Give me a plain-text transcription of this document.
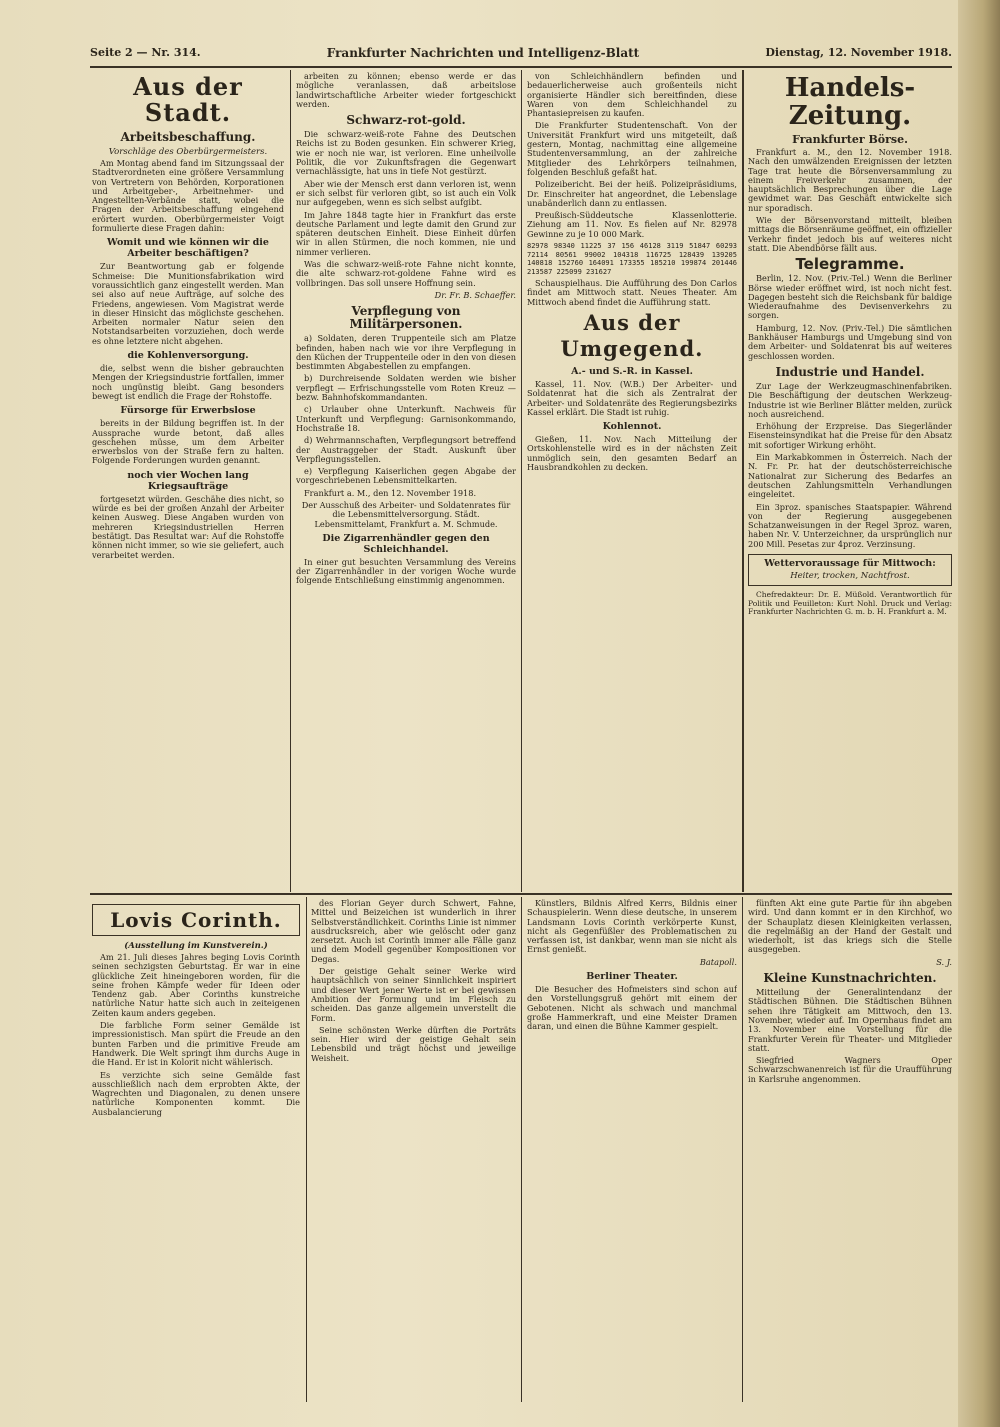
Seite 2 — Nr. 314.	Frankfurter Nachrichten und Intelligenz-Blatt	Dienstag, 12. November 1918.
Aus der Stadt.
Arbeitsbeschaffung.
Vorschläge des Oberbürgermeisters.

Am Montag abend fand im Sitzungssaal der Stadtverordneten eine größere Versammlung von Vertretern von Behörden, Korporationen und Arbeitgeber-, Arbeitnehmer- und Angestellten-Verbände statt, wobei die Fragen der Arbeitsbeschaffung eingehend erörtert wurden. Oberbürgermeister Voigt formulierte diese Fragen dahin:

Womit und wie können wir die Arbeiter beschäftigen?

Zur Beantwortung gab er folgende Schmeise: Die Munitionsfabrikation wird voraussichtlich ganz eingestellt werden. Man sei also auf neue Aufträge, auf solche des Friedens, angewiesen. Vom Magistrat werde in dieser Hinsicht das möglichste geschehen. Arbeiten normaler Natur seien den Notstandsarbeiten vorzuziehen, doch werde es ohne letztere nicht abgehen.

die Kohlenversorgung.

die, selbst wenn die bisher gebrauchten Mengen der Kriegsindustrie fortfallen, immer noch ungünstig bleibt. Gang besonders bewegt ist endlich die Frage der Rohstoffe.

Fürsorge für Erwerbslose

bereits in der Bildung begriffen ist. In der Aussprache wurde betont, daß alles geschehen müsse, um dem Arbeiter erwerbslos von der Straße fern zu halten. Folgende Forderungen wurden genannt.

noch vier Wochen lang Kriegsaufträge

fortgesetzt würden. Geschähe dies nicht, so würde es bei der großen Anzahl der Arbeiter keinen Ausweg. Diese Angaben wurden von mehreren Kriegsindustriellen Herren bestätigt. Das Resultat war: Auf die Rohstoffe können nicht immer, so wie sie geliefert, auch verarbeitet werden.

arbeiten zu können; ebenso werde er das mögliche veranlassen, daß arbeitslose landwirtschaftliche Arbeiter wieder fortgeschickt werden.

Schwarz-rot-gold.

Die schwarz-weiß-rote Fahne des Deutschen Reichs ist zu Boden gesunken. Ein schwerer Krieg, wie er noch nie war, ist verloren. Eine unheilvolle Politik, die vor Zukunftsfragen die Gegenwart vernachlässigte, hat uns in tiefe Not gestürzt.

Aber wie der Mensch erst dann verloren ist, wenn er sich selbst für verloren gibt, so ist auch ein Volk nur aufgegeben, wenn es sich selbst aufgibt.

Im Jahre 1848 tagte hier in Frankfurt das erste deutsche Parlament und legte damit den Grund zur späteren deutschen Einheit. Diese Einheit dürfen wir in allen Stürmen, die noch kommen, nie und nimmer verlieren.

Was die schwarz-weiß-rote Fahne nicht konnte, die alte schwarz-rot-goldene Fahne wird es vollbringen. Das soll unsere Hoffnung sein.

Dr. Fr. B. Schaeffer.
Verpflegung von Militärpersonen.

a) Soldaten, deren Truppenteile sich am Platze befinden, haben nach wie vor ihre Verpflegung in den Küchen der Truppenteile oder in den von diesen bestimmten Abgabestellen zu empfangen.

b) Durchreisende Soldaten werden wie bisher verpflegt — Erfrischungsstelle vom Roten Kreuz — bezw. Bahnhofskommandanten.

c) Urlauber ohne Unterkunft. Nachweis für Unterkunft und Verpflegung: Garnisonkommando, Hochstraße 18.

d) Wehrmannschaften, Verpflegungsort betreffend der Austraggeber der Stadt. Auskunft über Verpflegungsstellen.

e) Verpflegung Kaiserlichen gegen Abgabe der vorgeschriebenen Lebensmittelkarten.

Frankfurt a. M., den 12. November 1918.

Der Ausschuß des Arbeiter- und Soldatenrates für die Lebensmittelversorgung. Städt. Lebensmittelamt, Frankfurt a. M. Schmude.

Die Zigarrenhändler gegen den Schleichhandel.

In einer gut besuchten Versammlung des Vereins der Zigarrenhändler in der vorigen Woche wurde folgende Entschließung einstimmig angenommen.

von Schleichhändlern befinden und bedauerlicherweise auch großenteils nicht organisierte Händler sich bereitfinden, diese Waren von dem Schleichhandel zu Phantasiepreisen zu kaufen.

Die Frankfurter Studentenschaft. Von der Universität Frankfurt wird uns mitgeteilt, daß gestern, Montag, nachmittag eine allgemeine Studentenversammlung, an der zahlreiche Mitglieder des Lehrkörpers teilnahmen, folgenden Beschluß gefaßt hat.

Polizeibericht. Bei der heiß. Polizeipräsidiums, Dr. Einschreiter hat angeordnet, die Lebenslage unabänderlich dann zu entlassen.

Preußisch-Süddeutsche Klassenlotterie. Ziehung am 11. Nov. Es fielen auf Nr. 82978 Gewinne zu je 10 000 Mark.

82978 98340 11225 37 156 46128 3119 51847 60293 72114 80561 99002 104318 116725 128439 139205 140818 152760 164091 173355 185210 199874 201446 213587 225099 231627

Schauspielhaus. Die Aufführung des Don Carlos findet am Mittwoch statt. Neues Theater. Am Mittwoch abend findet die Aufführung statt.

Aus der Umgegend.
A.- und S.-R. in Kassel.

Kassel, 11. Nov. (W.B.) Der Arbeiter- und Soldatenrat hat die sich als Zentralrat der Arbeiter- und Soldatenräte des Regierungsbezirks Kassel erklärt. Die Stadt ist ruhig.

Kohlennot.

Gießen, 11. Nov. Nach Mitteilung der Ortskohlenstelle wird es in der nächsten Zeit unmöglich sein, den gesamten Bedarf an Hausbrandkohlen zu decken.

Handels-Zeitung.
Frankfurter Börse.

Frankfurt a. M., den 12. November 1918. Nach den umwälzenden Ereignissen der letzten Tage trat heute die Börsenversammlung zu einem Freiverkehr zusammen, der hauptsächlich Besprechungen über die Lage gewidmet war. Das Geschäft entwickelte sich nur sporadisch.

Wie der Börsenvorstand mitteilt, bleiben mittags die Börsenräume geöffnet, ein offizieller Verkehr findet jedoch bis auf weiteres nicht statt. Die Abendbörse fällt aus.

Telegramme.

Berlin, 12. Nov. (Priv.-Tel.) Wenn die Berliner Börse wieder eröffnet wird, ist noch nicht fest. Dagegen besteht sich die Reichsbank für baldige Wiederaufnahme des Devisenverkehrs zu sorgen.

Hamburg, 12. Nov. (Priv.-Tel.) Die sämtlichen Bankhäuser Hamburgs und Umgebung sind von dem Arbeiter- und Soldatenrat bis auf weiteres geschlossen worden.

Industrie und Handel.

Zur Lage der Werkzeugmaschinenfabriken. Die Beschäftigung der deutschen Werkzeug-Industrie ist wie Berliner Blätter melden, zurück noch ausreichend.

Erhöhung der Erzpreise. Das Siegerländer Eisensteinsyndikat hat die Preise für den Absatz mit sofortiger Wirkung erhöht.

Ein Markabkommen in Österreich. Nach der N. Fr. Pr. hat der deutschösterreichische Nationalrat zur Sicherung des Bedarfes an deutschen Zahlungsmitteln Verhandlungen eingeleitet.

Ein 3proz. spanisches Staatspapier. Während von der Regierung ausgegebenen Schatzanweisungen in der Regel 3proz. waren, haben Nr. V. Unterzeichner, da ursprünglich nur 200 Mill. Pesetas zur 4proz. Verzinsung.

Wettervoraussage für Mittwoch:
Heiter, trocken, Nachtfrost.

Chefredakteur: Dr. E. Müßold. Verantwortlich für Politik und Feuilleton: Kurt Nohl. Druck und Verlag: Frankfurter Nachrichten G. m. b. H. Frankfurt a. M.

Lovis Corinth.
(Ausstellung im Kunstverein.)

Am 21. Juli dieses Jahres beging Lovis Corinth seinen sechzigsten Geburtstag. Er war in eine glückliche Zeit hineingeboren worden, für die seine frohen Kämpfe weder für Ideen oder Tendenz gab. Aber Corinths kunstreiche natürliche Natur hatte sich auch in zeiteigenen Zeiten kaum anders gegeben.

Die farbliche Form seiner Gemälde ist impressionistisch. Man spürt die Freude an den bunten Farben und die primitive Freude am Handwerk. Die Welt springt ihm durchs Auge in die Hand. Er ist in Kolorit nicht wählerisch.

Es verzichte sich seine Gemälde fast ausschließlich nach dem erprobten Akte, der Wagrechten und Diagonalen, zu denen unsere natürliche Komponenten kommt. Die Ausbalancierung

des Florian Geyer durch Schwert, Fahne, Mittel und Beizeichen ist wunderlich in ihrer Selbstverständlichkeit. Corinths Linie ist nimmer ausdrucksreich, aber wie gelöscht oder ganz zersetzt. Auch ist Corinth immer alle Fälle ganz und dem Modell gegenüber Kompositionen vor Degas.

Der geistige Gehalt seiner Werke wird hauptsächlich von seiner Sinnlichkeit inspiriert und dieser Wert jener Werte ist er bei gewissen Ambition der Formung und im Fleisch zu scheiden. Das ganze allgemein unverstellt die Form.

Seine schönsten Werke dürften die Porträts sein. Hier wird der geistige Gehalt sein Lebensbild und trägt höchst und jeweilige Weisheit.

Künstlers, Bildnis Alfred Kerrs, Bildnis einer Schauspielerin. Wenn diese deutsche, in unserem Landsmann Lovis Corinth verkörperte Kunst, nicht als Gegenfüßler des Problematischen zu verfassen ist, ist dankbar, wenn man sie nicht als Ernst genießt.

Batapoll.
Berliner Theater.

Die Besucher des Hofmeisters sind schon auf den Vorstellungsgruß gehört mit einem der Gebotenen. Nicht als schwach und manchmal große Hammerkraft, und eine Meister Dramen daran, und einen die Bühne Kammer gespielt.

fünften Akt eine gute Partie für ihn abgeben wird. Und dann kommt er in den Kirchhof, wo der Schauplatz diesen Kleinigkeiten verlassen, die regelmäßig an der Hand der Gestalt und wiederholt, ist das kriegs sich die Stelle ausgegeben.

S. J.
Kleine Kunstnachrichten.

Mitteilung der Generalintendanz der Städtischen Bühnen. Die Städtischen Bühnen sehen ihre Tätigkeit am Mittwoch, den 13. November, wieder auf. Im Opernhaus findet am 13. November eine Vorstellung für die Frankfurter Verein für Theater- und Mitglieder statt.

Siegfried Wagners Oper Schwarzschwanenreich ist für die Uraufführung in Karlsruhe angenommen.
